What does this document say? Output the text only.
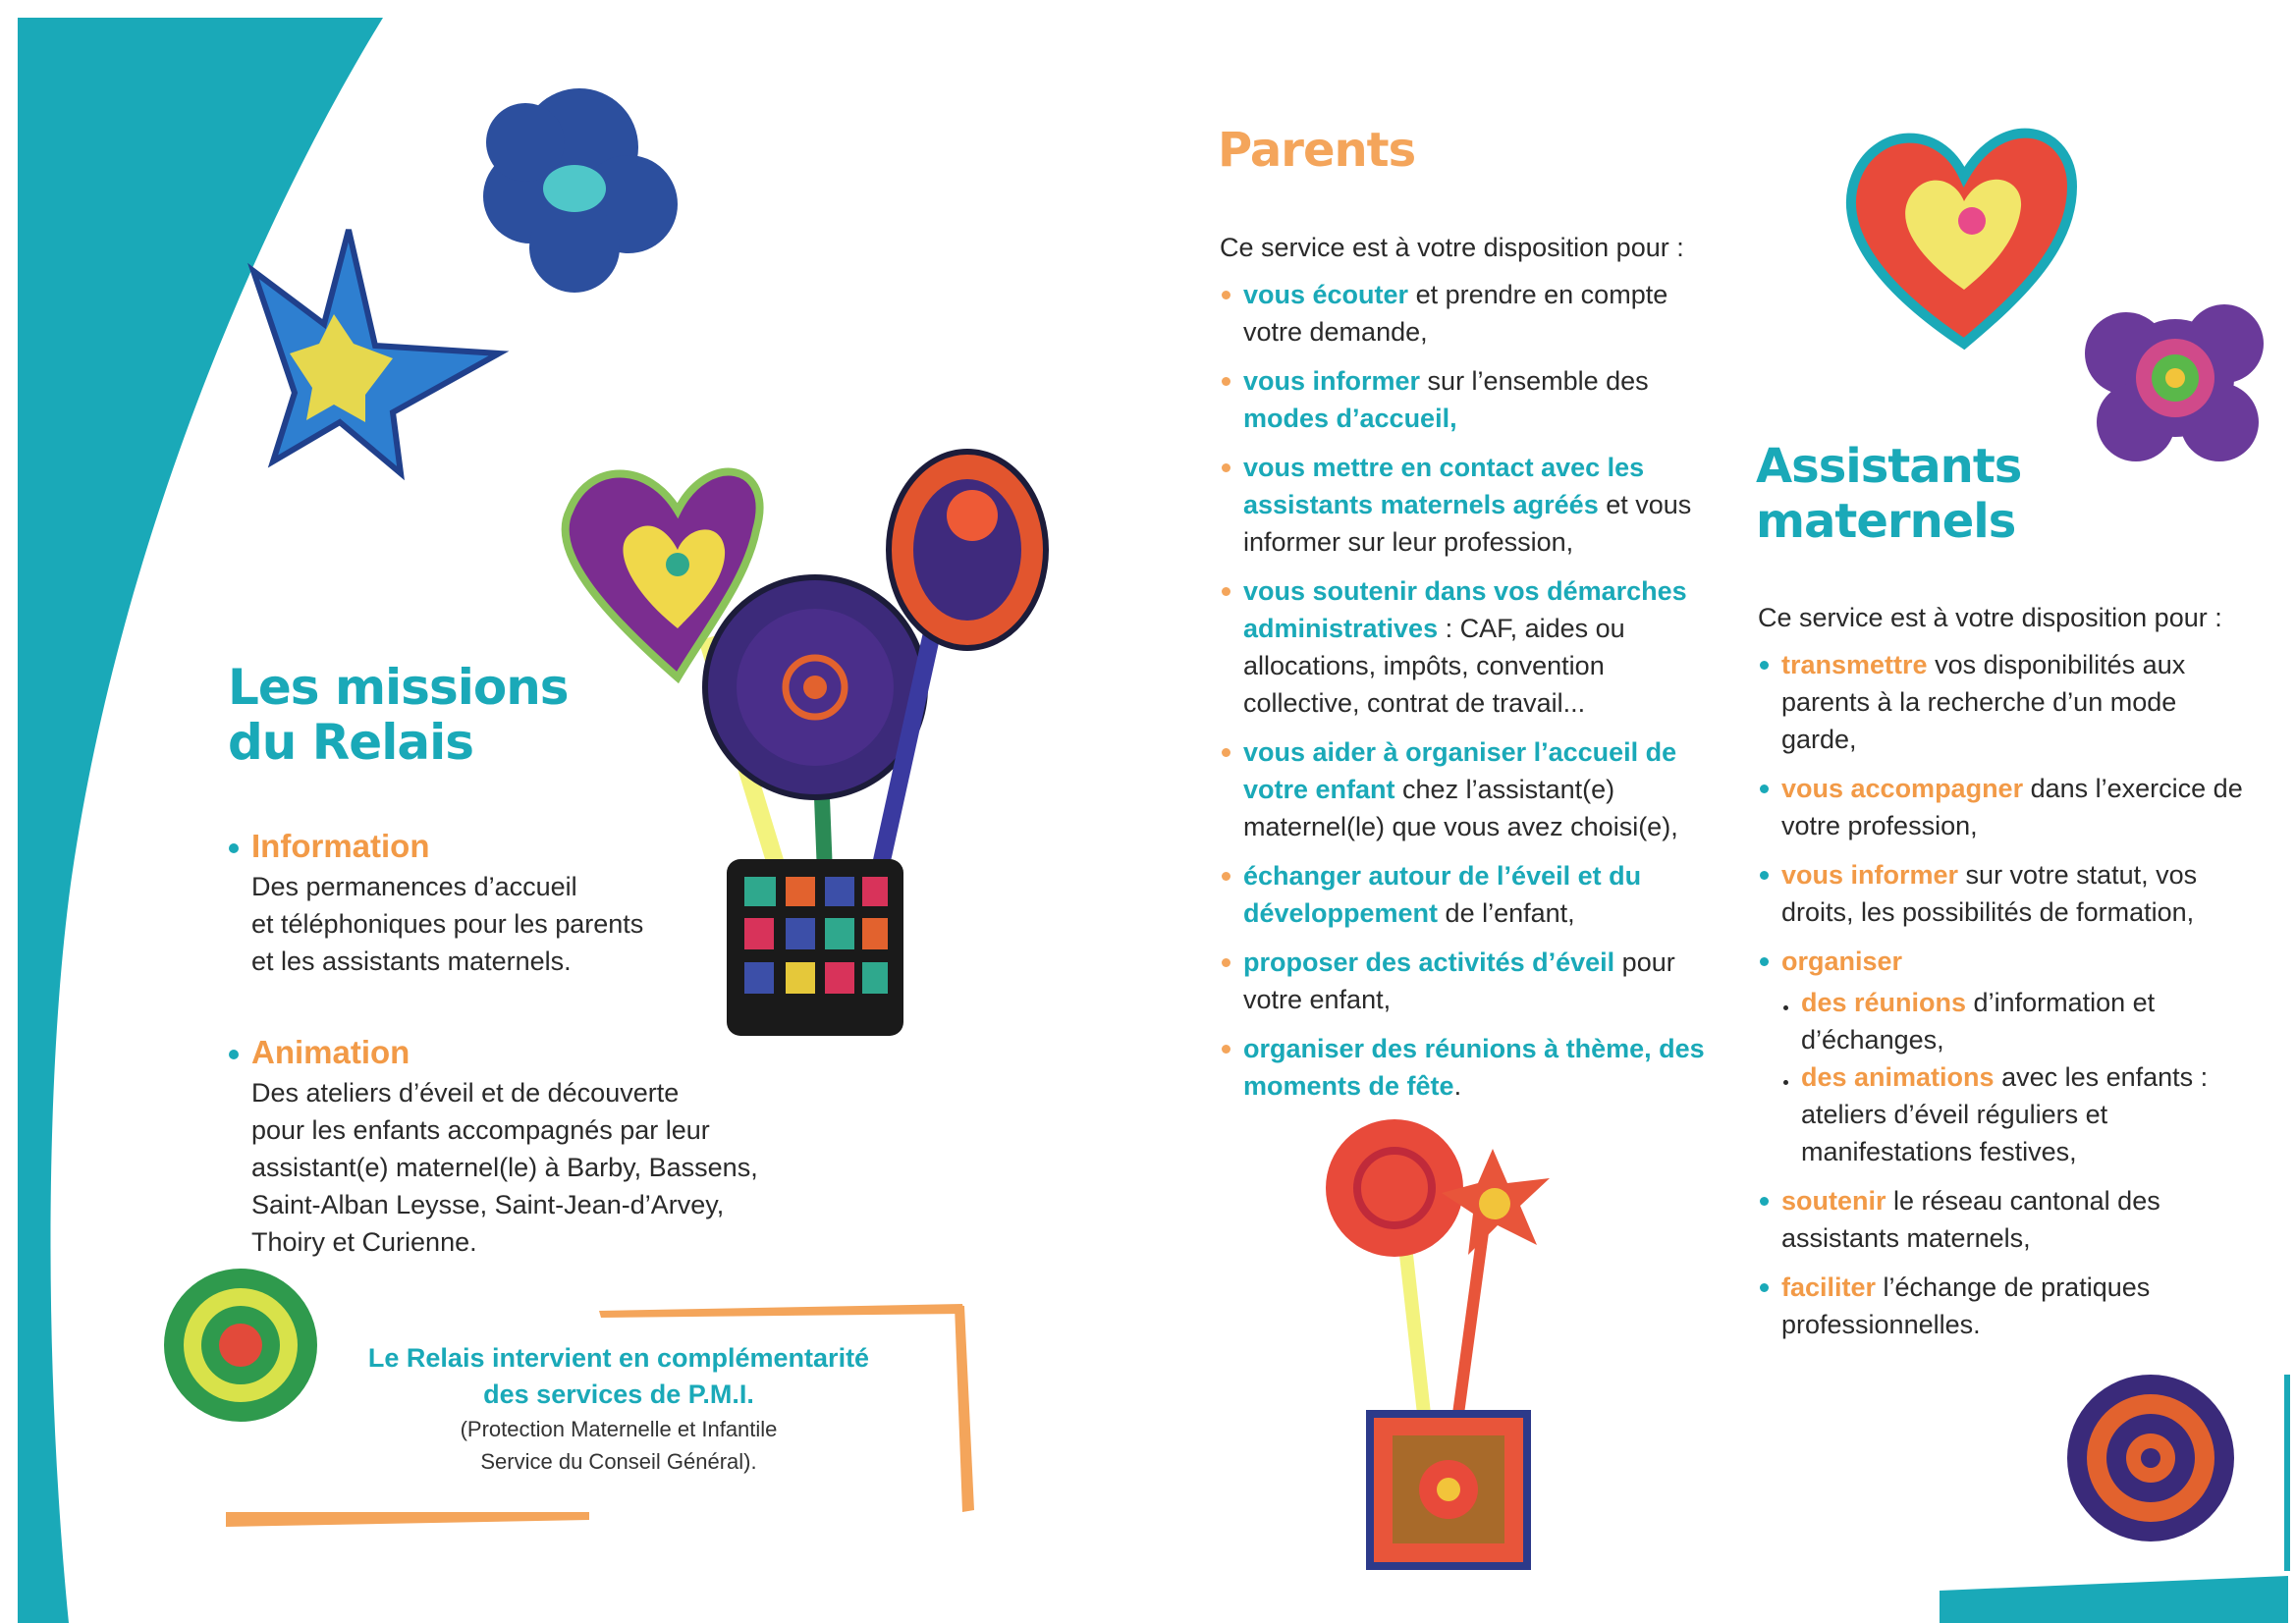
Les missions
du Relais
Information
Des permanences d’accueil
et téléphoniques pour les parents
et les assistants maternels.
Animation
Des ateliers d’éveil et de découverte
pour les enfants accompagnés par leur
assistant(e) maternel(le) à Barby, Bassens,
Saint-Alban Leysse, Saint-Jean-d’Arvey,
Thoiry et Curienne.
Le Relais intervient en complémentarité
des services de P.M.I.
(Protection Maternelle et Infantile
Service du Conseil Général).
Parents
Ce service est à votre disposition pour :
vous écouter et prendre en compte votre demande,
vous informer sur l’ensemble des modes d’accueil,
vous mettre en contact avec les assistants maternels agréés et vous informer sur leur profession,
vous soutenir dans vos démarches administratives : CAF, aides ou allocations, impôts, convention collective, contrat de travail...
vous aider à organiser l’accueil de votre enfant chez l’assistant(e) maternel(le) que vous avez choisi(e),
échanger autour de l’éveil et du développement de l’enfant,
proposer des activités d’éveil pour votre enfant,
organiser des réunions à thème, des moments de fête.
Assistants
maternels
Ce service est à votre disposition pour :
transmettre vos disponibilités aux parents à la recherche d’un mode garde,
vous accompagner dans l’exercice de votre profession,
vous informer sur votre statut, vos droits, les possibilités de formation,
organiser
des réunions d’information et d’échanges,
des animations avec les enfants : ateliers d’éveil réguliers et manifestations festives,
soutenir le réseau cantonal des assistants maternels,
faciliter l’échange de pratiques professionnelles.
